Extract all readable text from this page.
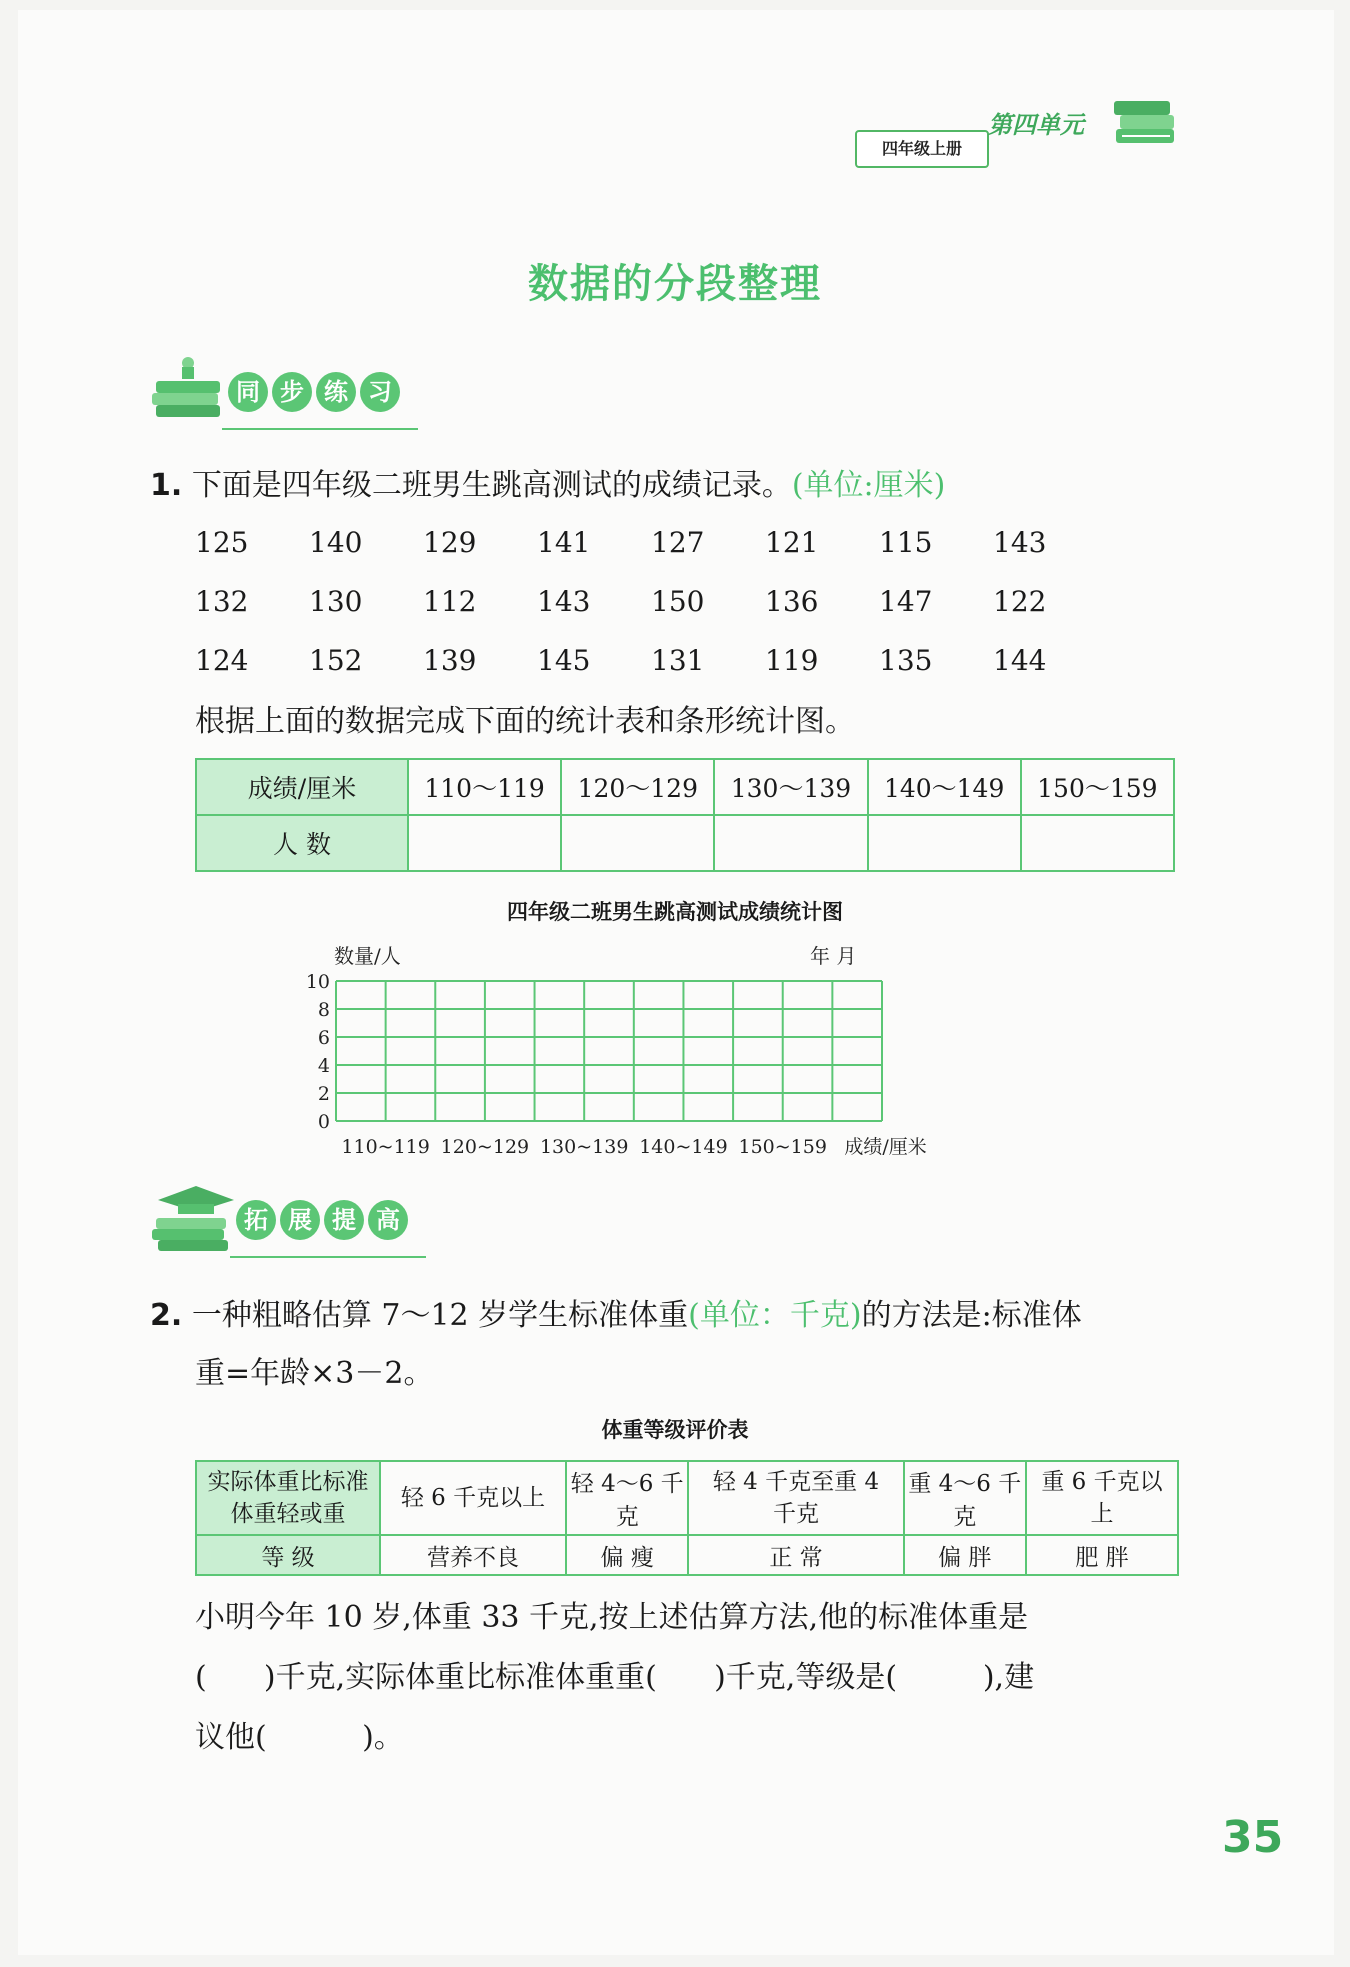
四年级上册
第四单元
数据的分段整理
同 步 练 习
1. 下面是四年级二班男生跳高测试的成绩记录。(单位:厘米)
125	140	129	141	127	121	115	143
132	130	112	143	150	136	147	122
124	152	139	145	131	119	135	144
根据上面的数据完成下面的统计表和条形统计图。
成绩/厘米	110～119	120～129	130～139	140～149	150～159
人 数					
四年级二班男生跳高测试成绩统计图
10
8
6
4
2
0
数量/人	年 月
110~119 120~129 130~139 140~149 150~159 成绩/厘米
拓 展 提 高
2. 一种粗略估算 7～12 岁学生标准体重(单位：千克)的方法是:标准体
重=年龄×3－2。
体重等级评价表
实际体重比标准体重轻或重	轻 6 千克以上	轻 4～6 千克	轻 4 千克至重 4 千克	重 4～6 千克	重 6 千克以上
等 级	营养不良	偏 瘦	正 常	偏 胖	肥 胖
小明今年 10 岁,体重 33 千克,按上述估算方法,他的标准体重是
(      )千克,实际体重比标准体重重(      )千克,等级是(         ),建
议他(          )。
35
